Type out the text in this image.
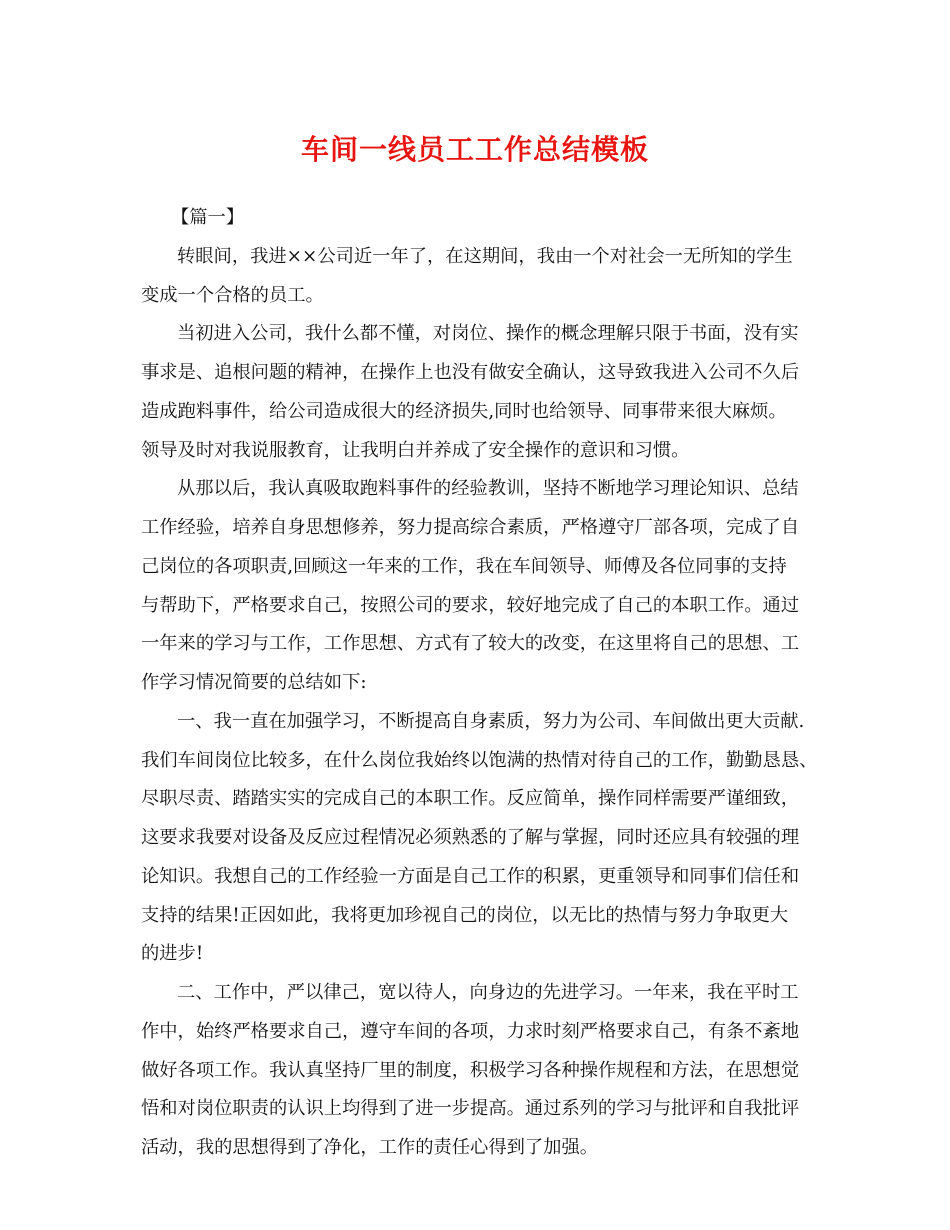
车间一线员工工作总结模板
【篇一】
转眼间，我进××公司近一年了，在这期间，我由一个对社会一无所知的学生
变成一个合格的员工。
当初进入公司，我什么都不懂，对岗位、操作的概念理解只限于书面，没有实
事求是、追根问题的精神，在操作上也没有做安全确认，这导致我进入公司不久后
造成跑料事件，给公司造成很大的经济损失,同时也给领导、同事带来很大麻烦。
领导及时对我说服教育，让我明白并养成了安全操作的意识和习惯。
从那以后，我认真吸取跑料事件的经验教训，坚持不断地学习理论知识、总结
工作经验，培养自身思想修养，努力提高综合素质，严格遵守厂部各项，完成了自
己岗位的各项职责,回顾这一年来的工作，我在车间领导、师傅及各位同事的支持
与帮助下，严格要求自己，按照公司的要求，较好地完成了自己的本职工作。通过
一年来的学习与工作，工作思想、方式有了较大的改变，在这里将自己的思想、工
作学习情况简要的总结如下:
一、我一直在加强学习，不断提高自身素质，努力为公司、车间做出更大贡献.
我们车间岗位比较多，在什么岗位我始终以饱满的热情对待自己的工作，勤勤恳恳、
尽职尽责、踏踏实实的完成自己的本职工作。反应简单，操作同样需要严谨细致，
这要求我要对设备及反应过程情况必须熟悉的了解与掌握，同时还应具有较强的理
论知识。我想自己的工作经验一方面是自己工作的积累，更重领导和同事们信任和
支持的结果!正因如此，我将更加珍视自己的岗位，以无比的热情与努力争取更大
的进步!
二、工作中，严以律己，宽以待人，向身边的先进学习。一年来，我在平时工
作中，始终严格要求自己，遵守车间的各项，力求时刻严格要求自己，有条不紊地
做好各项工作。我认真坚持厂里的制度，积极学习各种操作规程和方法，在思想觉
悟和对岗位职责的认识上均得到了进一步提高。通过系列的学习与批评和自我批评
活动，我的思想得到了净化，工作的责任心得到了加强。
